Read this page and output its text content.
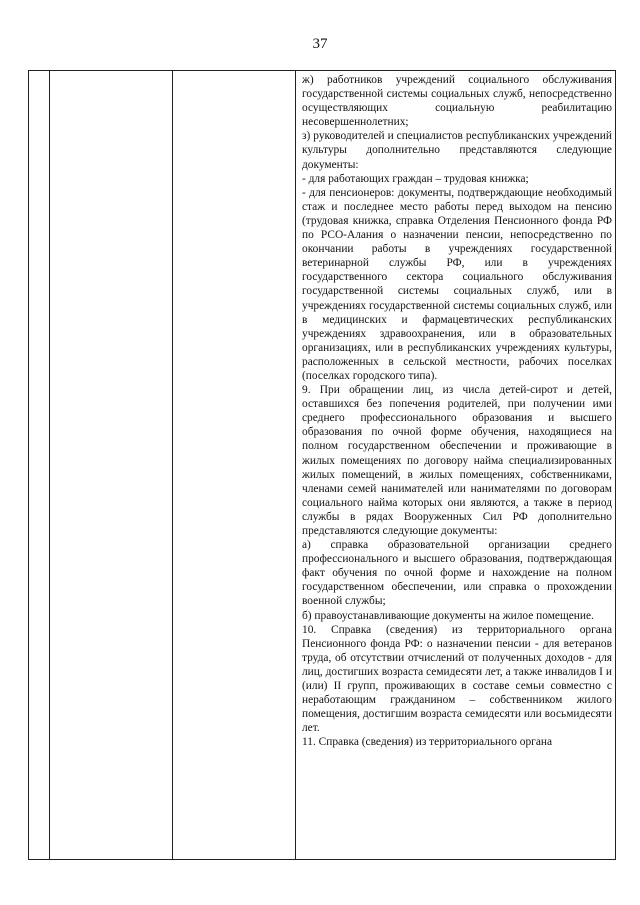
37

ж) работников учреждений социального обслуживания государственной системы социальных служб, непосредственно осуществляющих социальную реабилитацию несовершеннолетних;

з) руководителей и специалистов республиканских учреждений культуры дополнительно представляются следующие документы:

- для работающих граждан – трудовая книжка;

- для пенсионеров: документы, подтверждающие необходимый стаж и последнее место работы перед выходом на пенсию (трудовая книжка, справка Отделения Пенсионного фонда РФ по РСО-Алания о назначении пенсии, непосредственно по окончании работы в учреждениях государственной ветеринарной службы РФ, или в учреждениях государственного сектора социального обслуживания государственной системы социальных служб, или в учреждениях государственной системы социальных служб, или в медицинских и фармацевтических республиканских учреждениях здравоохранения, или в образовательных организациях, или в республиканских учреждениях культуры, расположенных в сельской местности, рабочих поселках (поселках городского типа).

9. При обращении лиц, из числа детей-сирот и детей, оставшихся без попечения родителей, при получении ими среднего профессионального образования и высшего образования по очной форме обучения, находящиеся на полном государственном обеспечении и проживающие в жилых помещениях по договору найма специализированных жилых помещений, в жилых помещениях, собственниками, членами семей нанимателей или нанимателями по договорам социального найма которых они являются, а также в период службы в рядах Вооруженных Сил РФ дополнительно представляются следующие документы:

а) справка образовательной организации среднего профессионального и высшего образования, подтверждающая факт обучения по очной форме и нахождение на полном государственном обеспечении, или справка о прохождении военной службы;

б) правоустанавливающие документы на жилое помещение.

10. Справка (сведения) из территориального органа Пенсионного фонда РФ: о назначении пенсии - для ветеранов труда, об отсутствии отчислений от полученных доходов - для лиц, достигших возраста семидесяти лет, а также инвалидов I и (или) II групп, проживающих в составе семьи совместно с неработающим гражданином – собственником жилого помещения, достигшим возраста семидесяти или восьмидесяти лет.

11. Справка (сведения) из территориального органа
